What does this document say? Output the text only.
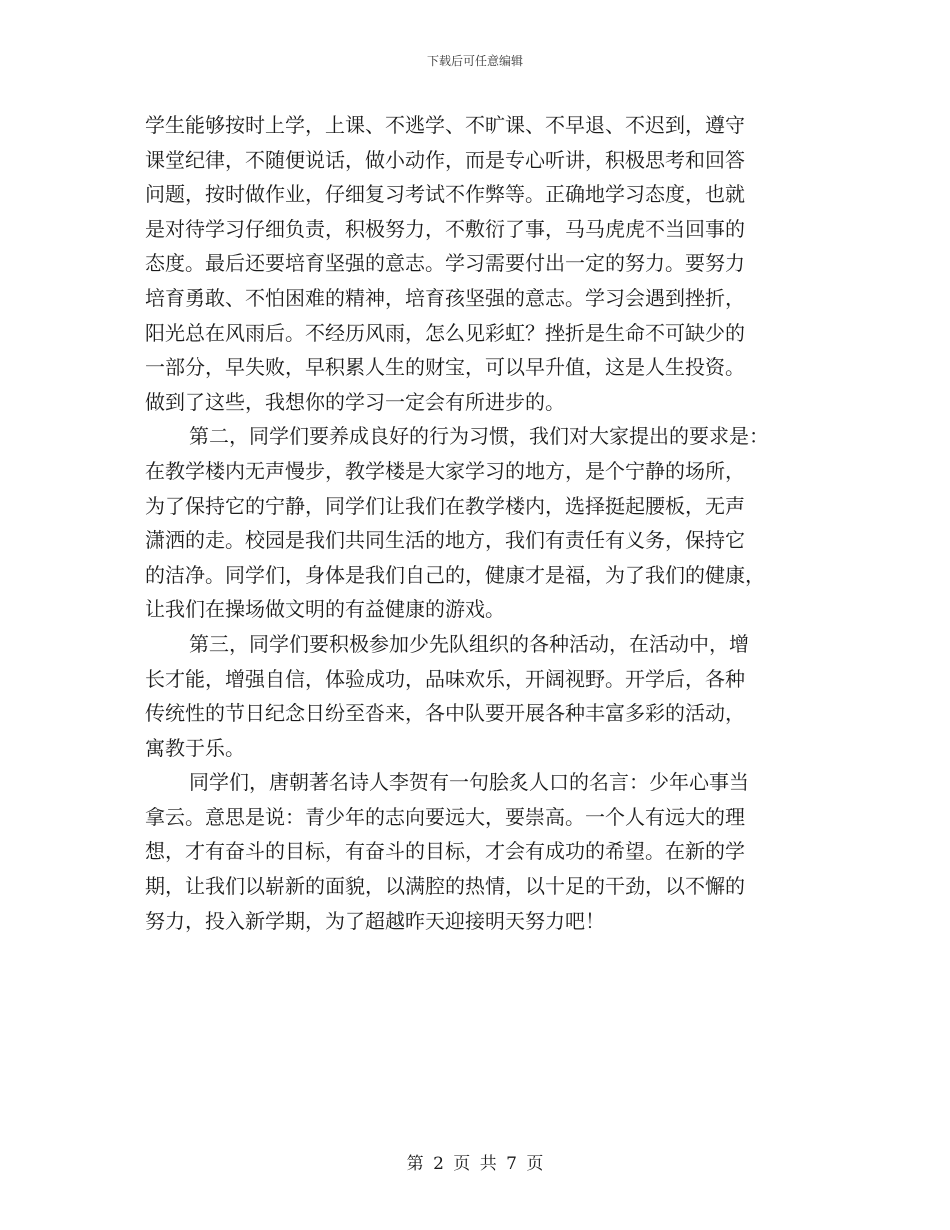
下载后可任意编辑
学生能够按时上学，上课、不逃学、不旷课、不早退、不迟到，遵守
课堂纪律，不随便说话，做小动作，而是专心听讲，积极思考和回答
问题，按时做作业，仔细复习考试不作弊等。正确地学习态度，也就
是对待学习仔细负责，积极努力，不敷衍了事，马马虎虎不当回事的
态度。最后还要培育坚强的意志。学习需要付出一定的努力。要努力
培育勇敢、不怕困难的精神，培育孩坚强的意志。学习会遇到挫折，
阳光总在风雨后。不经历风雨，怎么见彩虹？挫折是生命不可缺少的
一部分，早失败，早积累人生的财宝，可以早升值，这是人生投资。
做到了这些，我想你的学习一定会有所进步的。
第二，同学们要养成良好的行为习惯，我们对大家提出的要求是：
在教学楼内无声慢步，教学楼是大家学习的地方，是个宁静的场所，
为了保持它的宁静，同学们让我们在教学楼内，选择挺起腰板，无声
潇洒的走。校园是我们共同生活的地方，我们有责任有义务，保持它
的洁净。同学们，身体是我们自己的，健康才是福，为了我们的健康，
让我们在操场做文明的有益健康的游戏。
第三，同学们要积极参加少先队组织的各种活动，在活动中，增
长才能，增强自信，体验成功，品味欢乐，开阔视野。开学后，各种
传统性的节日纪念日纷至沓来，各中队要开展各种丰富多彩的活动，
寓教于乐。
同学们，唐朝著名诗人李贺有一句脍炙人口的名言：少年心事当
拿云。意思是说：青少年的志向要远大，要崇高。一个人有远大的理
想，才有奋斗的目标，有奋斗的目标，才会有成功的希望。在新的学
期，让我们以崭新的面貌，以满腔的热情，以十足的干劲，以不懈的
努力，投入新学期，为了超越昨天迎接明天努力吧！
第 2 页 共 7 页
